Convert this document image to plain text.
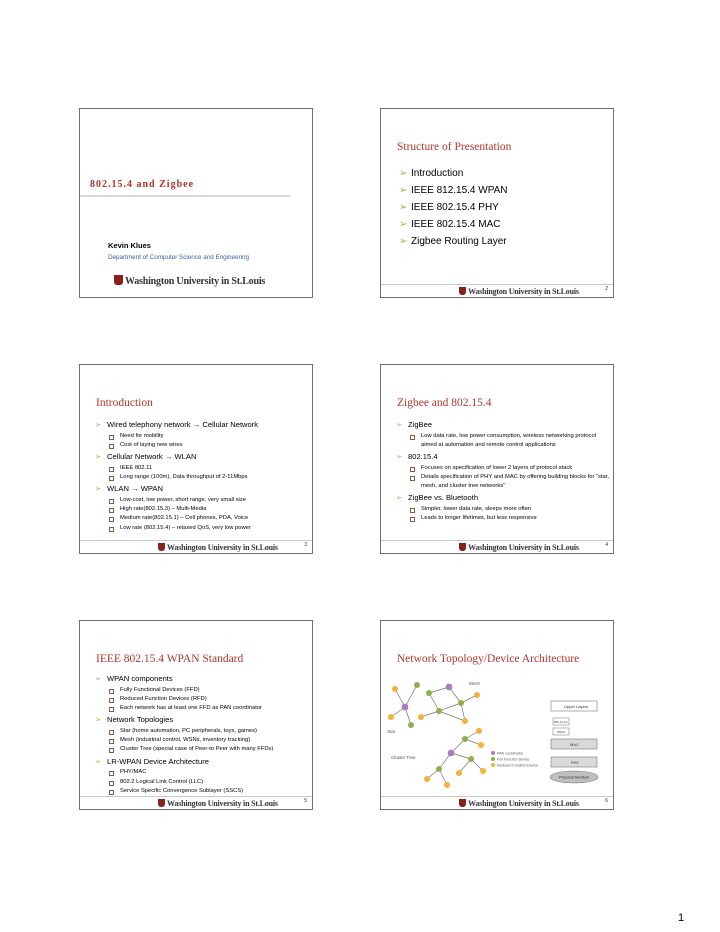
802.15.4 and Zigbee
Kevin Klues
Department of Computer Science and Engineering
Washington University in St.Louis
Structure of Presentation
➢ Introduction
➢ IEEE 812.15.4 WPAN
➢ IEEE 802.15.4 PHY
➢ IEEE 802.15.4 MAC
➢ Zigbee Routing Layer
Washington University in St.Louis	2
Introduction
➢ Wired telephony network → Cellular Network
Need for mobility
Cost of laying new wires
➢ Cellular Network → WLAN
IEEE 802.11
Long range (100m), Data throughput of 2-11Mbps
➢ WLAN → WPAN
Low-cost, low power, short range, very small size
High rate(802.15.3) – Multi-Media
Medium rate(802.15.1) – Cell phones, PDA, Voice
Low rate (802.15.4) – relaxed QoS, very low power
Washington University in St.Louis	3
Zigbee and 802.15.4
➢ ZigBee
Low data rate, low power consumption, wireless networking protocol aimed at automation and remote control applications
➢ 802.15.4
Focuses on specification of lower 2 layers of protocol stack
Details specification of PHY and MAC by offering building blocks for “star, mesh, and cluster tree networks”
➢ ZigBee vs. Bluetooth
Simpler, lower data rate, sleeps more often
Leads to longer lifetimes, but less responsive
Washington University in St.Louis	4
IEEE 802.15.4 WPAN Standard
➢ WPAN components
Fully Functional Devices (FFD)
Reduced Function Devices (RFD)
Each network has at least one FFD as PAN coordinator
➢ Network Topologies
Star (home automation, PC peripherals, toys, games)
Mesh (industrial control, WSNs, inventory tracking)
Cluster Tree (special case of Peer-to Peer with many FFDs)
➢ LR-WPAN Device Architecture
PHY/MAC
802.2 Logical Link Control (LLC)
Service Specific Convergence Sublayer (SSCS)
Washington University in St.Louis	5
Network Topology/Device Architecture
Mesh
Star
Cluster Tree
PAN coordinator
Full Function Device
Reduced Function Device
Upper Layers
802.2 LLC
SSCS
MAC
PHY
Physical Medium
Washington University in St.Louis	6
1
